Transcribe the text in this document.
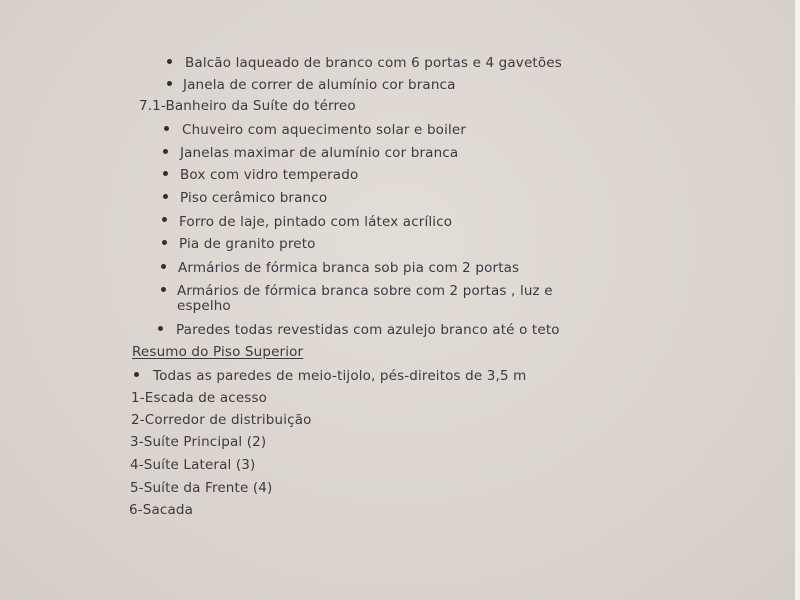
Balcão laqueado de branco com 6 portas e 4 gavetões
Janela de correr de alumínio cor branca
7.1-Banheiro da Suíte do térreo
Chuveiro com aquecimento solar e boiler
Janelas maximar de alumínio cor branca
Box com vidro temperado
Piso cerâmico branco
Forro de laje, pintado com látex acrílico
Pia de granito preto
Armários de fórmica branca sob pia com 2 portas
Armários de fórmica branca sobre com 2 portas , luz e
espelho
Paredes todas revestidas com azulejo branco até o teto
Resumo do Piso Superior
Todas as paredes de meio-tijolo, pés-direitos de 3,5 m
1-Escada de acesso
2-Corredor de distribuição
3-Suíte Principal (2)
4-Suíte Lateral (3)
5-Suíte da Frente (4)
6-Sacada
